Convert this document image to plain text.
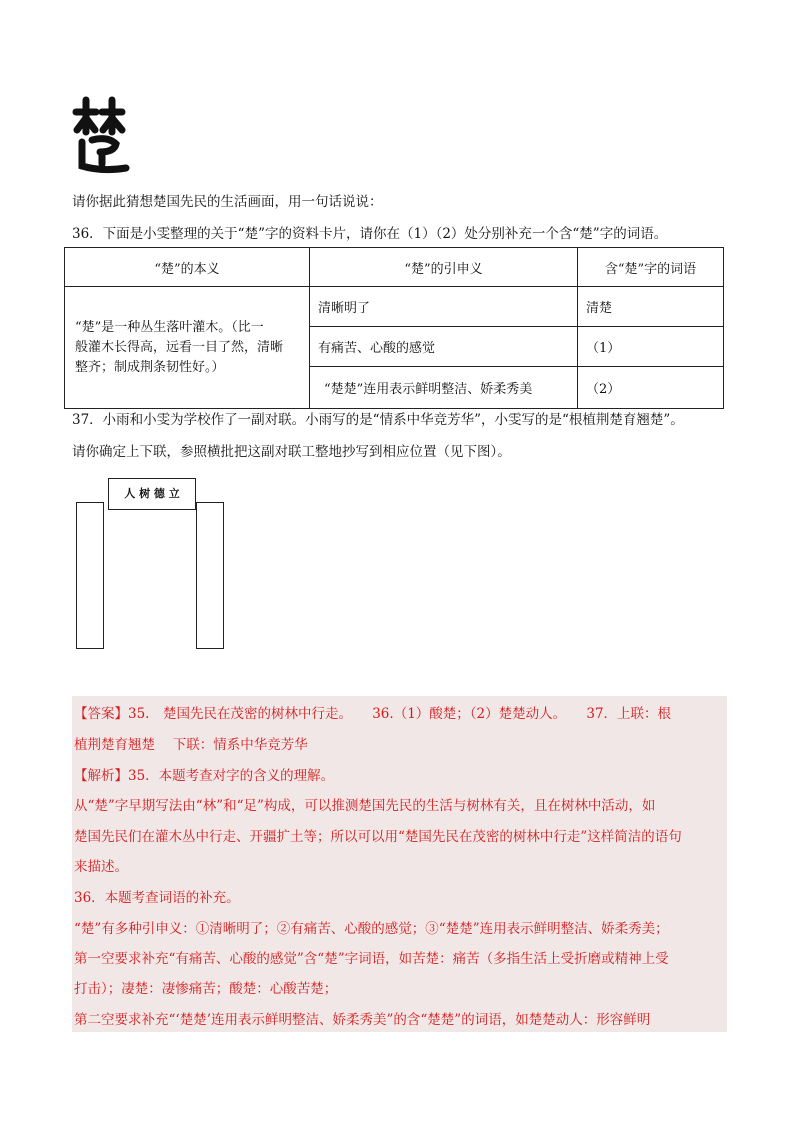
请你据此猜想楚国先民的生活画面，用一句话说说：
36．下面是小雯整理的关于“楚”字的资料卡片，请你在（1）（2）处分别补充一个含“楚”字的词语。
“楚”的本义	“楚”的引申义	含“楚”字的词语

“楚”是一种丛生落叶灌木。（比一
般灌木长得高，远看一目了然，清晰
整齐；制成荆条韧性好。）	清晰明了	清楚
	有痛苦、心酸的感觉	（1）
	“楚楚”连用表示鲜明整洁、娇柔秀美	（2）
37．小雨和小雯为学校作了一副对联。小雨写的是“情系中华竞芳华”，小雯写的是“根植荆楚育翘楚”。
请你确定上下联，参照横批把这副对联工整地抄写到相应位置（见下图）。
人 树 德 立
【答案】35.　楚国先民在茂密的树林中行走。　　36.（1）酸楚；（2）楚楚动人。　　37．上联：根
植荆楚育翘楚　 下联：情系中华竞芳华
【解析】35．本题考查对字的含义的理解。
从“楚”字早期写法由“林”和“足”构成，可以推测楚国先民的生活与树林有关，且在树林中活动，如
楚国先民们在灌木丛中行走、开疆扩土等；所以可以用“楚国先民在茂密的树林中行走”这样简洁的语句
来描述。
36．本题考查词语的补充。
“楚”有多种引申义：①清晰明了；②有痛苦、心酸的感觉；③“楚楚”连用表示鲜明整洁、娇柔秀美；
第一空要求补充“有痛苦、心酸的感觉”含“楚”字词语，如苦楚：痛苦（多指生活上受折磨或精神上受
打击）；凄楚：凄惨痛苦；酸楚：心酸苦楚；
第二空要求补充“‘楚楚’连用表示鲜明整洁、娇柔秀美”的含“楚楚”的词语，如楚楚动人：形容鲜明
